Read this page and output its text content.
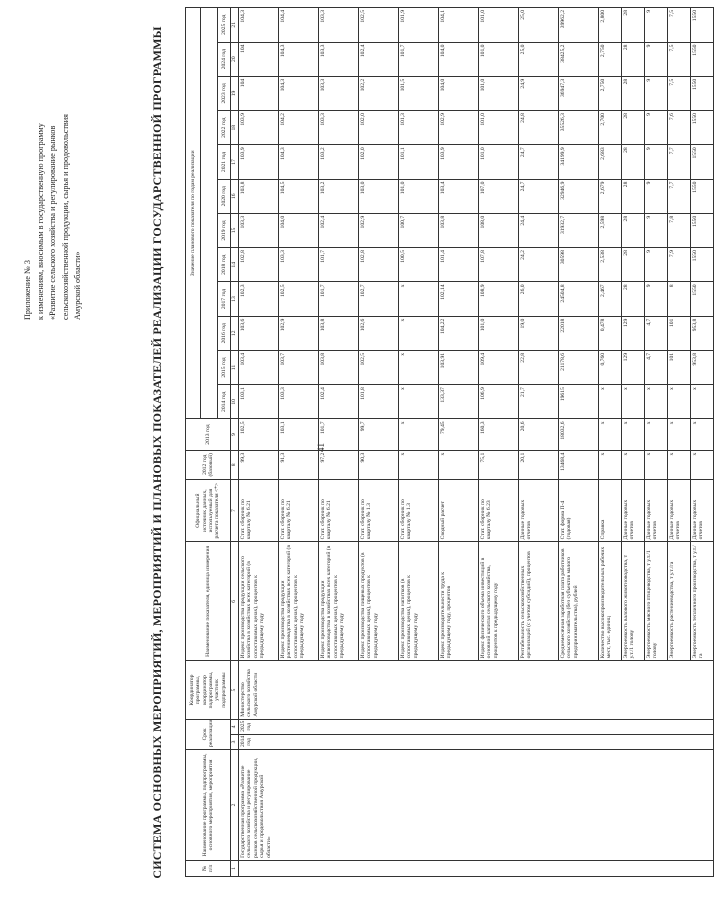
41
Приложение № 3 к изменениям, вносимым в государственную программу «Развитие сельского хозяйства и регулирование рынков сельскохозяйственной продукции, сырья и продовольствия Амурской области»	СИСТЕМА ОСНОВНЫХ МЕРОПРИЯТИЙ, МЕРОПРИЯТИЙ И ПЛАНОВЫХ ПОКАЗАТЕЛЕЙ РЕАЛИЗАЦИИ ГОСУДАРСТВЕННОЙ ПРОГРАММЫ	№ п/п	Наименование программы, подпрограммы, основного мероприятия, мероприятия	Срок реализации		Координатор программы, координатор подпрограммы, участник подпрограммы	Наименование показателя, единица измерения	Официальный источник данных, используемый для расчета показателя <*>	2012 год (базовый)	2013 год	Значение планового показателя по годам реализации											

									2014 год	2015 год	2016 год	2017 год	2018 год	2019 год	2020 год	2021 год	2022 год	2023 год	2024 год	2025 год
1	2	3	4	5	6	7	8	9	10	11	12	13	14	15	16	17	18	19	20	21
	Государственная программа «Развитие сельского хозяйства и регулирование рынков сельскохозяйственной продукции, сырья и продовольствия Амурской области»	2014 год	2025 год	Министерство сельского хозяйства Амурской области	Индекс производства продукции сельского хозяйства в хозяйствах всех категорий (в сопоставимых ценах), процентов к предыдущему году	Стат. сборник по кварталу № 6.21	99,3	102,5	103,1	103,4	103,6	102,3	102,8	103,3	103,8	103,9	103,9	104	104	104,3
					Индекс производства продукции растениеводства в хозяйствах всех категорий (в сопоставимых ценах), процентов к предыдущему году	Стат. сборник по кварталу № 6.21	91,3	103,1	103,3	103,7	102,9	102,5	103,3	104,0	104,5	104,3	104,2	104,3	104,3	104,4
					Индекс производства продукции животноводства в хозяйствах всех категорий (в сопоставимых ценах), процентов к предыдущему году	Стат. сборник по кварталу № 6.21	97,2	101,7	102,4	103,8	103,8	101,7	101,7	102,4	103,2	103,2	103,3	103,3	103,3	103,3
					Индекс производства пищевых продуктов (в сопоставимых ценах), процентов к предыдущему году	Стат. сборник по кварталу № 1.3	90,3	99,7	101,8	102,5	102,6	102,7	102,8	102,9	103,0	102,0	102,0	102,2	102,4	102,5
					Индекс производства напитков (в сопоставимых ценах), процентов к предыдущему году	Стат. сборник по кварталу № 1.3	x	x	x	x	x	x	100,5	100,7	101,0	101,1	101,3	101,5	101,7	101,9
					Индекс производительности труда к предыдущему году, процентов	Сводный расчет	x	79,45	133,37	103,91	104,22	102,14	101,4	103,8	103,4	103,9	102,9	104,0	104,0	104,1
					Индекс физического объема инвестиций в основной капитал сельского хозяйства, процентов к предыдущему году	Стат. сборник по кварталу № 6.23	75,1	160,3	106,9	109,4	101,0	108,9	107,8	108,0	107,0	101,0	101,0	101,0	101,0	101,0
					Рентабельность сельскохозяйственных организаций (с учетом субсидий), процентов	Данные годовых отчетов	20,1	20,6	21,7	22,8	19,0	26,0	24,2	24,4	24,7	24,7	24,8	24,9	25,0	25,0
					Среднемесячная заработная плата работников сельского хозяйства (без субъектов малого предпринимательства), рублей	Стат. форма П-4 (годовая)	13468,4	18032,6	19615	21178,6	22018	24504,8	30598	31932,7	32946,9	34199,9	35526,3	36947,3	38425,2	39962,2
					Количество высокопроизводительных рабочих мест, тыс. единиц	Справка	x	x	x	0,760	0,478	2,467	2,538	2,598	2,679	2,683	2,700	2,750	2,750	2,800
					Энергоемкость валового животноводства, т у.т./1 голову	Данные годовых отчетов	x	x	x	129	129	28	28	28	28	28	28	28	28	28
					Энергоемкость мясного птицеводства, т у.т./1 голову	Данные годовых отчетов	x	x	x	4,7	4,7	9	9	9	9	9	9	9	9	9
					Энергоемкость растениеводства, т у.т./га	Данные годовых отчетов	x	x	x	101	101	8	7,9	7,8	7,7	7,7	7,6	7,5	7,5	7,5
					Энергоемкость тепличного производства, т у.т./га	Данные годовых отчетов	x	x	x	953,8	953,8	1550	1550	1550	1550	1550	1550	1550	1550	1550
